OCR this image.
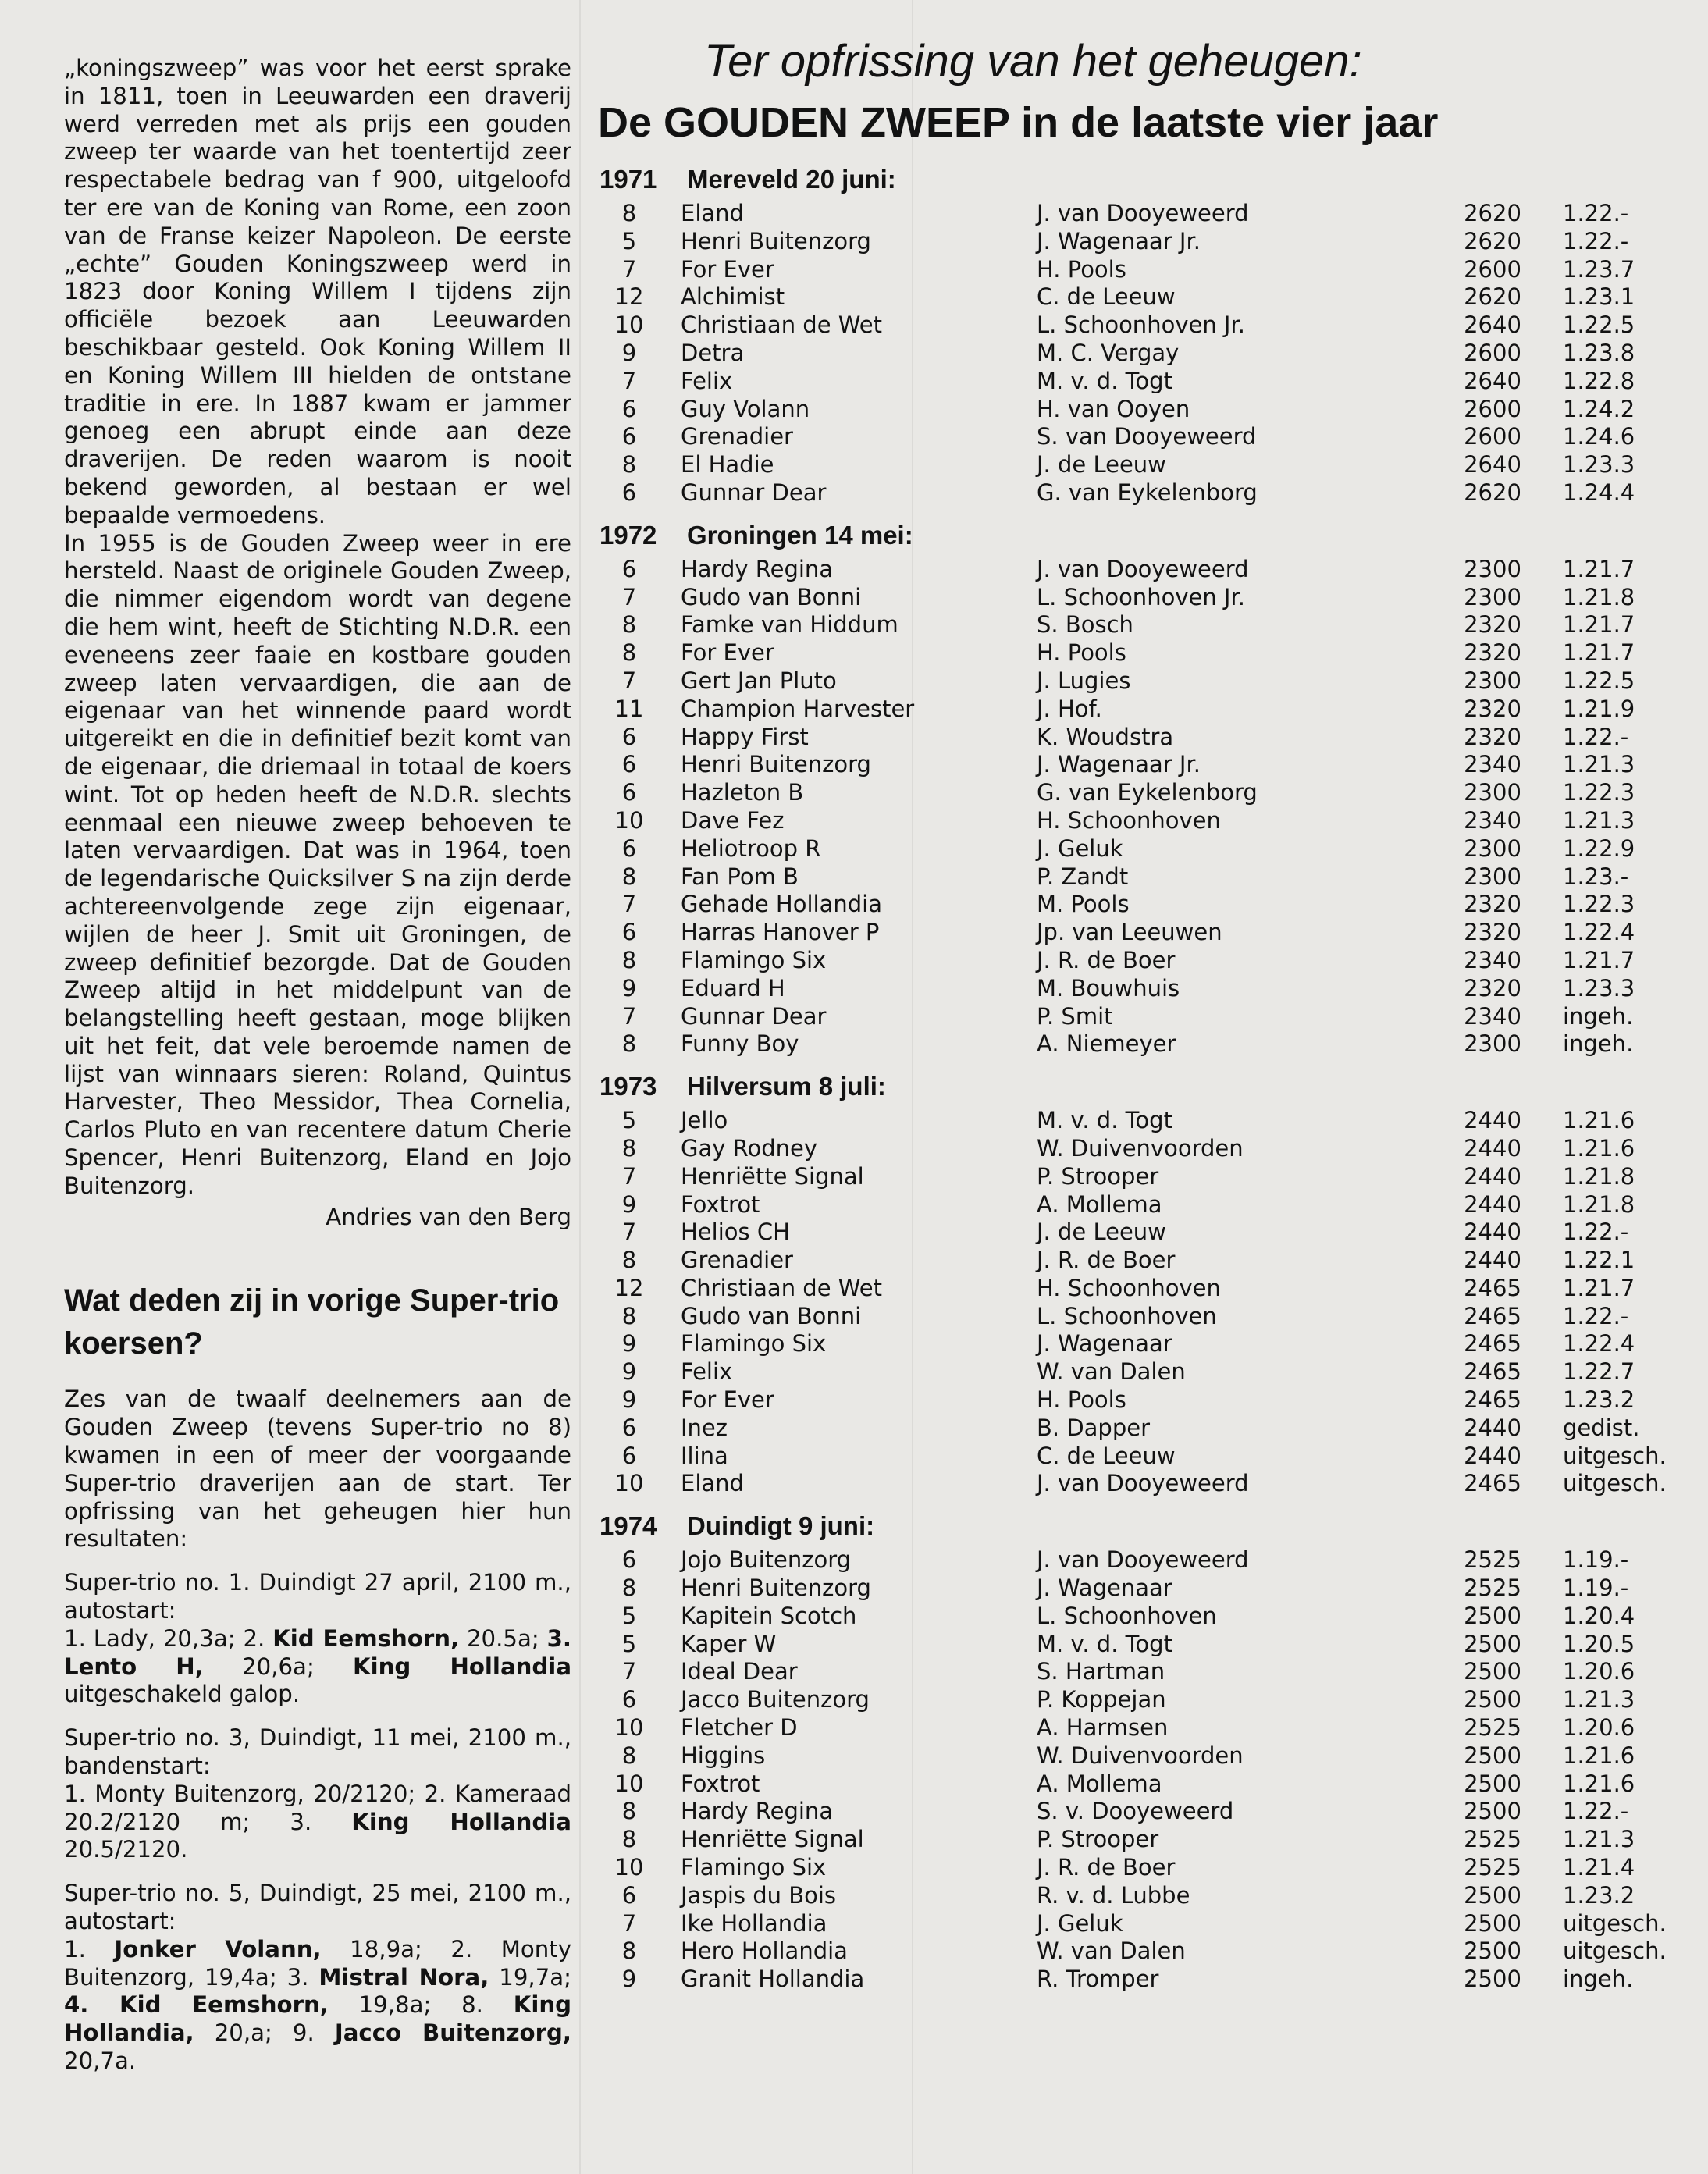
„koningszweep” was voor het eerst sprake in 1811, toen in Leeuwarden een draverij werd verreden met als prijs een gouden zweep ter waarde van het toentertijd zeer respectabele bedrag van f 900, uitgeloofd ter ere van de Koning van Rome, een zoon van de Franse keizer Napoleon. De eerste „echte” Gouden Koningszweep werd in 1823 door Koning Willem I tijdens zijn officiële bezoek aan Leeuwarden beschikbaar gesteld. Ook Koning Willem II en Koning Willem III hielden de ontstane traditie in ere. In 1887 kwam er jammer genoeg een abrupt einde aan deze draverijen. De reden waarom is nooit bekend geworden, al bestaan er wel bepaalde vermoedens.

In 1955 is de Gouden Zweep weer in ere hersteld. Naast de originele Gouden Zweep, die nimmer eigendom wordt van degene die hem wint, heeft de Stichting N.D.R. een eveneens zeer faaie en kostbare gouden zweep laten vervaardigen, die aan de eigenaar van het winnende paard wordt uitgereikt en die in definitief bezit komt van de eigenaar, die driemaal in totaal de koers wint. Tot op heden heeft de N.D.R. slechts eenmaal een nieuwe zweep behoeven te laten vervaardigen. Dat was in 1964, toen de legendarische Quicksilver S na zijn derde achtereenvolgende zege zijn eigenaar, wijlen de heer J. Smit uit Groningen, de zweep definitief bezorgde. Dat de Gouden Zweep altijd in het middelpunt van de belangstelling heeft gestaan, moge blijken uit het feit, dat vele beroemde namen de lijst van winnaars sieren: Roland, Quintus Harvester, Theo Messidor, Thea Cornelia, Carlos Pluto en van recentere datum Cherie Spencer, Henri Buitenzorg, Eland en Jojo Buitenzorg.

Andries van den Berg

Wat deden zij in vorige Super-trio koersen?

Zes van de twaalf deelnemers aan de Gouden Zweep (tevens Super-trio no 8) kwamen in een of meer der voorgaande Super-trio draverijen aan de start. Ter opfrissing van het geheugen hier hun resultaten:

Super-trio no. 1. Duindigt 27 april, 2100 m., autostart:

1. Lady, 20,3a; 2. Kid Eemshorn, 20.5a; 3. Lento H, 20,6a; King Hollandia uitgeschakeld galop.

Super-trio no. 3, Duindigt, 11 mei, 2100 m., bandenstart:

1. Monty Buitenzorg, 20/2120; 2. Kameraad 20.2/2120 m; 3. King Hollandia 20.5/2120.

Super-trio no. 5, Duindigt, 25 mei, 2100 m., autostart:

1. Jonker Volann, 18,9a; 2. Monty Buitenzorg, 19,4a; 3. Mistral Nora, 19,7a; 4. Kid Eemshorn, 19,8a; 8. King Hollandia, 20,a; 9. Jacco Buitenzorg, 20,7a.

Ter opfrissing van het geheugen:
De GOUDEN ZWEEP in de laatste vier jaar
1971 Mereveld 20 juni:
8	Eland	J. van Dooyeweerd	2620	1.22.-
5	Henri Buitenzorg	J. Wagenaar Jr.	2620	1.22.-
7	For Ever	H. Pools	2600	1.23.7
12	Alchimist	C. de Leeuw	2620	1.23.1
10	Christiaan de Wet	L. Schoonhoven Jr.	2640	1.22.5
9	Detra	M. C. Vergay	2600	1.23.8
7	Felix	M. v. d. Togt	2640	1.22.8
6	Guy Volann	H. van Ooyen	2600	1.24.2
6	Grenadier	S. van Dooyeweerd	2600	1.24.6
8	El Hadie	J. de Leeuw	2640	1.23.3
6	Gunnar Dear	G. van Eykelenborg	2620	1.24.4
1972 Groningen 14 mei:
6	Hardy Regina	J. van Dooyeweerd	2300	1.21.7
7	Gudo van Bonni	L. Schoonhoven Jr.	2300	1.21.8
8	Famke van Hiddum	S. Bosch	2320	1.21.7
8	For Ever	H. Pools	2320	1.21.7
7	Gert Jan Pluto	J. Lugies	2300	1.22.5
11	Champion Harvester	J. Hof.	2320	1.21.9
6	Happy First	K. Woudstra	2320	1.22.-
6	Henri Buitenzorg	J. Wagenaar Jr.	2340	1.21.3
6	Hazleton B	G. van Eykelenborg	2300	1.22.3
10	Dave Fez	H. Schoonhoven	2340	1.21.3
6	Heliotroop R	J. Geluk	2300	1.22.9
8	Fan Pom B	P. Zandt	2300	1.23.-
7	Gehade Hollandia	M. Pools	2320	1.22.3
6	Harras Hanover P	Jp. van Leeuwen	2320	1.22.4
8	Flamingo Six	J. R. de Boer	2340	1.21.7
9	Eduard H	M. Bouwhuis	2320	1.23.3
7	Gunnar Dear	P. Smit	2340	ingeh.
8	Funny Boy	A. Niemeyer	2300	ingeh.
1973 Hilversum 8 juli:
5	Jello	M. v. d. Togt	2440	1.21.6
8	Gay Rodney	W. Duivenvoorden	2440	1.21.6
7	Henriëtte Signal	P. Strooper	2440	1.21.8
9	Foxtrot	A. Mollema	2440	1.21.8
7	Helios CH	J. de Leeuw	2440	1.22.-
8	Grenadier	J. R. de Boer	2440	1.22.1
12	Christiaan de Wet	H. Schoonhoven	2465	1.21.7
8	Gudo van Bonni	L. Schoonhoven	2465	1.22.-
9	Flamingo Six	J. Wagenaar	2465	1.22.4
9	Felix	W. van Dalen	2465	1.22.7
9	For Ever	H. Pools	2465	1.23.2
6	Inez	B. Dapper	2440	gedist.
6	Ilina	C. de Leeuw	2440	uitgesch.
10	Eland	J. van Dooyeweerd	2465	uitgesch.
1974 Duindigt 9 juni:
6	Jojo Buitenzorg	J. van Dooyeweerd	2525	1.19.-
8	Henri Buitenzorg	J. Wagenaar	2525	1.19.-
5	Kapitein Scotch	L. Schoonhoven	2500	1.20.4
5	Kaper W	M. v. d. Togt	2500	1.20.5
7	Ideal Dear	S. Hartman	2500	1.20.6
6	Jacco Buitenzorg	P. Koppejan	2500	1.21.3
10	Fletcher D	A. Harmsen	2525	1.20.6
8	Higgins	W. Duivenvoorden	2500	1.21.6
10	Foxtrot	A. Mollema	2500	1.21.6
8	Hardy Regina	S. v. Dooyeweerd	2500	1.22.-
8	Henriëtte Signal	P. Strooper	2525	1.21.3
10	Flamingo Six	J. R. de Boer	2525	1.21.4
6	Jaspis du Bois	R. v. d. Lubbe	2500	1.23.2
7	Ike Hollandia	J. Geluk	2500	uitgesch.
8	Hero Hollandia	W. van Dalen	2500	uitgesch.
9	Granit Hollandia	R. Tromper	2500	ingeh.
